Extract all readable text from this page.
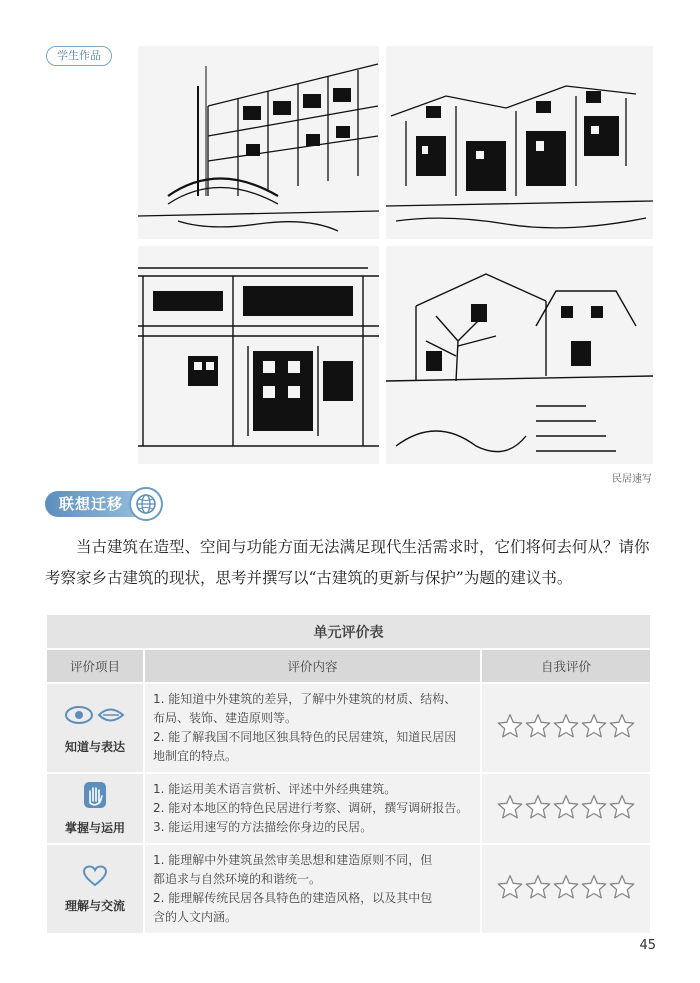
学生作品
民居速写
联想迁移

当古建筑在造型、空间与功能方面无法满足现代生活需求时，它们将何去何从？请你考察家乡古建筑的现状，思考并撰写以“古建筑的更新与保护”为题的建议书。

单元评价表		
评价项目	评价内容	自我评价

知道与表达	1. 能知道中外建筑的差异，了解中外建筑的材质、结构、
布局、装饰、建造原则等。
2. 能了解我国不同地区独具特色的民居建筑，知道民居因
地制宜的特点。

掌握与运用	1. 能运用美术语言赏析、评述中外经典建筑。
2. 能对本地区的特色民居进行考察、调研，撰写调研报告。
3. 能运用速写的方法描绘你身边的民居。

理解与交流	1. 能理解中外建筑虽然审美思想和建造原则不同，但
都追求与自然环境的和谐统一。
2. 能理解传统民居各具特色的建造风格，以及其中包
含的人文内涵。

45
